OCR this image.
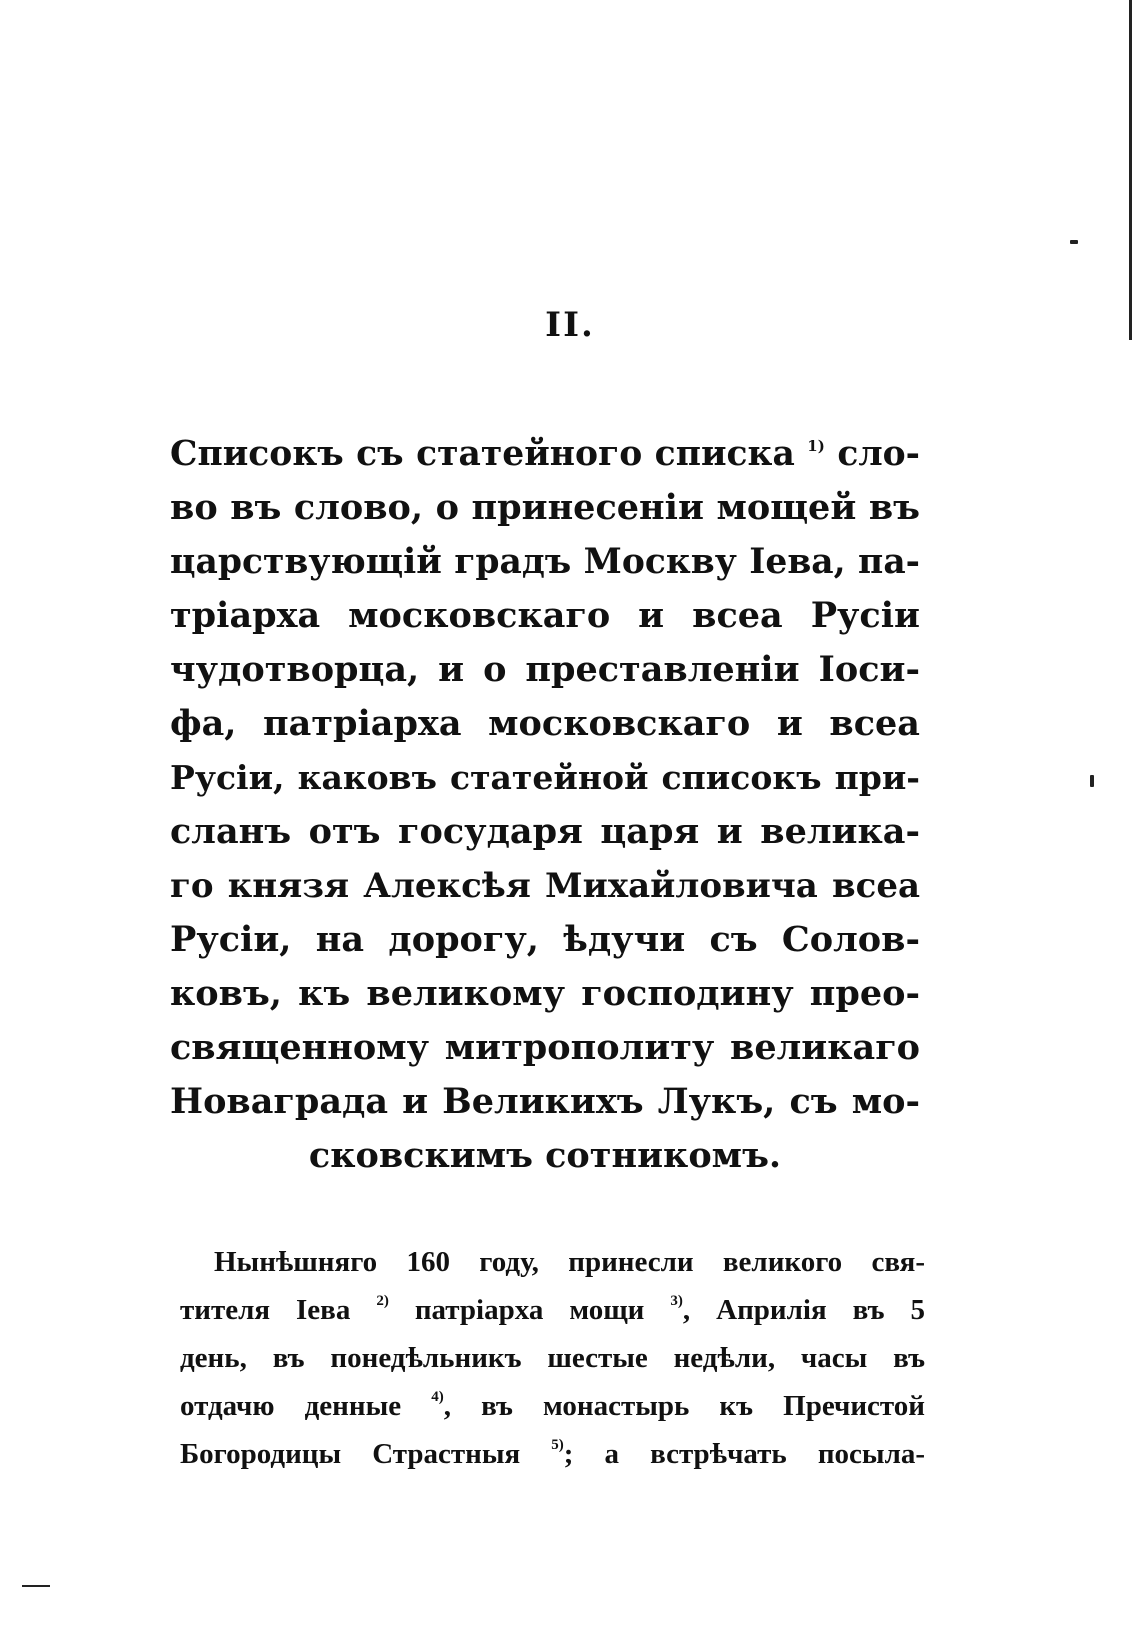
II.
Списокъ съ статейного списка $^{1)}$ сло-
во въ слово, о принесеніи мощей въ
царствующій градъ Москву Іева, па-
тріарха московскаго и всеа Русіи
чудотворца, и о преставленіи Іоси-
фа, патріарха московскаго и всеа
Русіи, каковъ статейной списокъ при-
сланъ отъ государя царя и велика-
го князя Алексѣя Михайловича всеа
Русіи, на дорогу, ѣдучи съ Солов-
ковъ, къ великому господину прео-
священному митрополиту великаго
Новаграда и Великихъ Лукъ, съ мо-
сковскимъ сотникомъ.
Нынѣшняго 160 году, принесли великого свя-
тителя Іева $^{2)}$ патріарха мощи $^{3)}$, Априлія въ 5
день, въ понедѣльникъ шестые недѣли, часы въ
отдачю денные $^{4)}$, въ монастырь къ Пречистой
Богородицы Страстныя $^{5)}$; а встрѣчать посыла-
